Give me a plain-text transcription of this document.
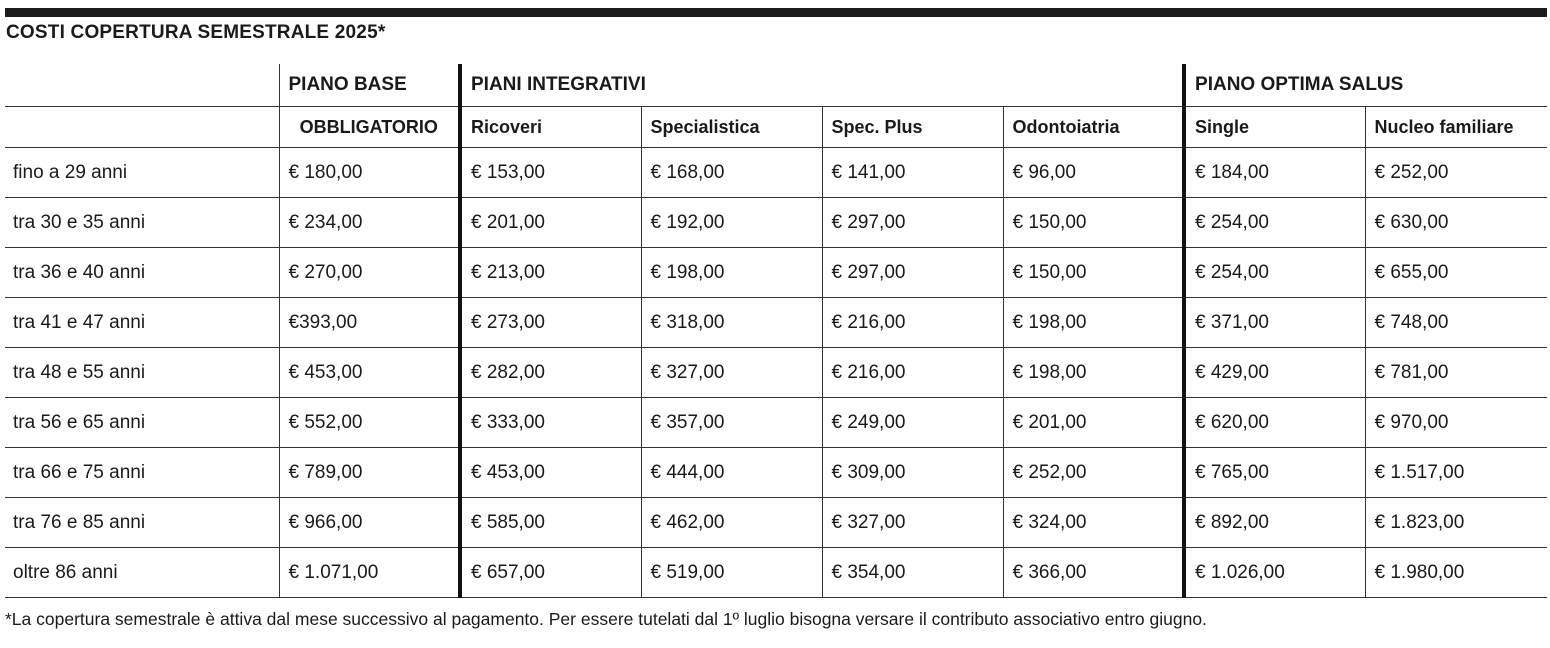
COSTI COPERTURA SEMESTRALE 2025*
	PIANO BASE	PIANI INTEGRATIVI				PIANO OPTIMA SALUS	
	OBBLIGATORIO	Ricoveri	Specialistica	Spec. Plus	Odontoiatria	Single	Nucleo familiare
fino a 29 anni	€ 180,00	€ 153,00	€ 168,00	€ 141,00	€ 96,00	€ 184,00	€ 252,00
tra 30 e 35 anni	€ 234,00	€ 201,00	€ 192,00	€ 297,00	€ 150,00	€ 254,00	€ 630,00
tra 36 e 40 anni	€ 270,00	€ 213,00	€ 198,00	€ 297,00	€ 150,00	€ 254,00	€ 655,00
tra 41 e 47 anni	€393,00	€ 273,00	€ 318,00	€ 216,00	€ 198,00	€ 371,00	€ 748,00
tra 48 e 55 anni	€ 453,00	€ 282,00	€ 327,00	€ 216,00	€ 198,00	€ 429,00	€ 781,00
tra 56 e 65 anni	€ 552,00	€ 333,00	€ 357,00	€ 249,00	€ 201,00	€ 620,00	€ 970,00
tra 66 e 75 anni	€ 789,00	€ 453,00	€ 444,00	€ 309,00	€ 252,00	€ 765,00	€ 1.517,00
tra 76 e 85 anni	€ 966,00	€ 585,00	€ 462,00	€ 327,00	€ 324,00	€ 892,00	€ 1.823,00
oltre 86 anni	€ 1.071,00	€ 657,00	€ 519,00	€ 354,00	€ 366,00	€ 1.026,00	€ 1.980,00
*La copertura semestrale è attiva dal mese successivo al pagamento. Per essere tutelati dal 1º luglio bisogna versare il contributo associativo entro giugno.
